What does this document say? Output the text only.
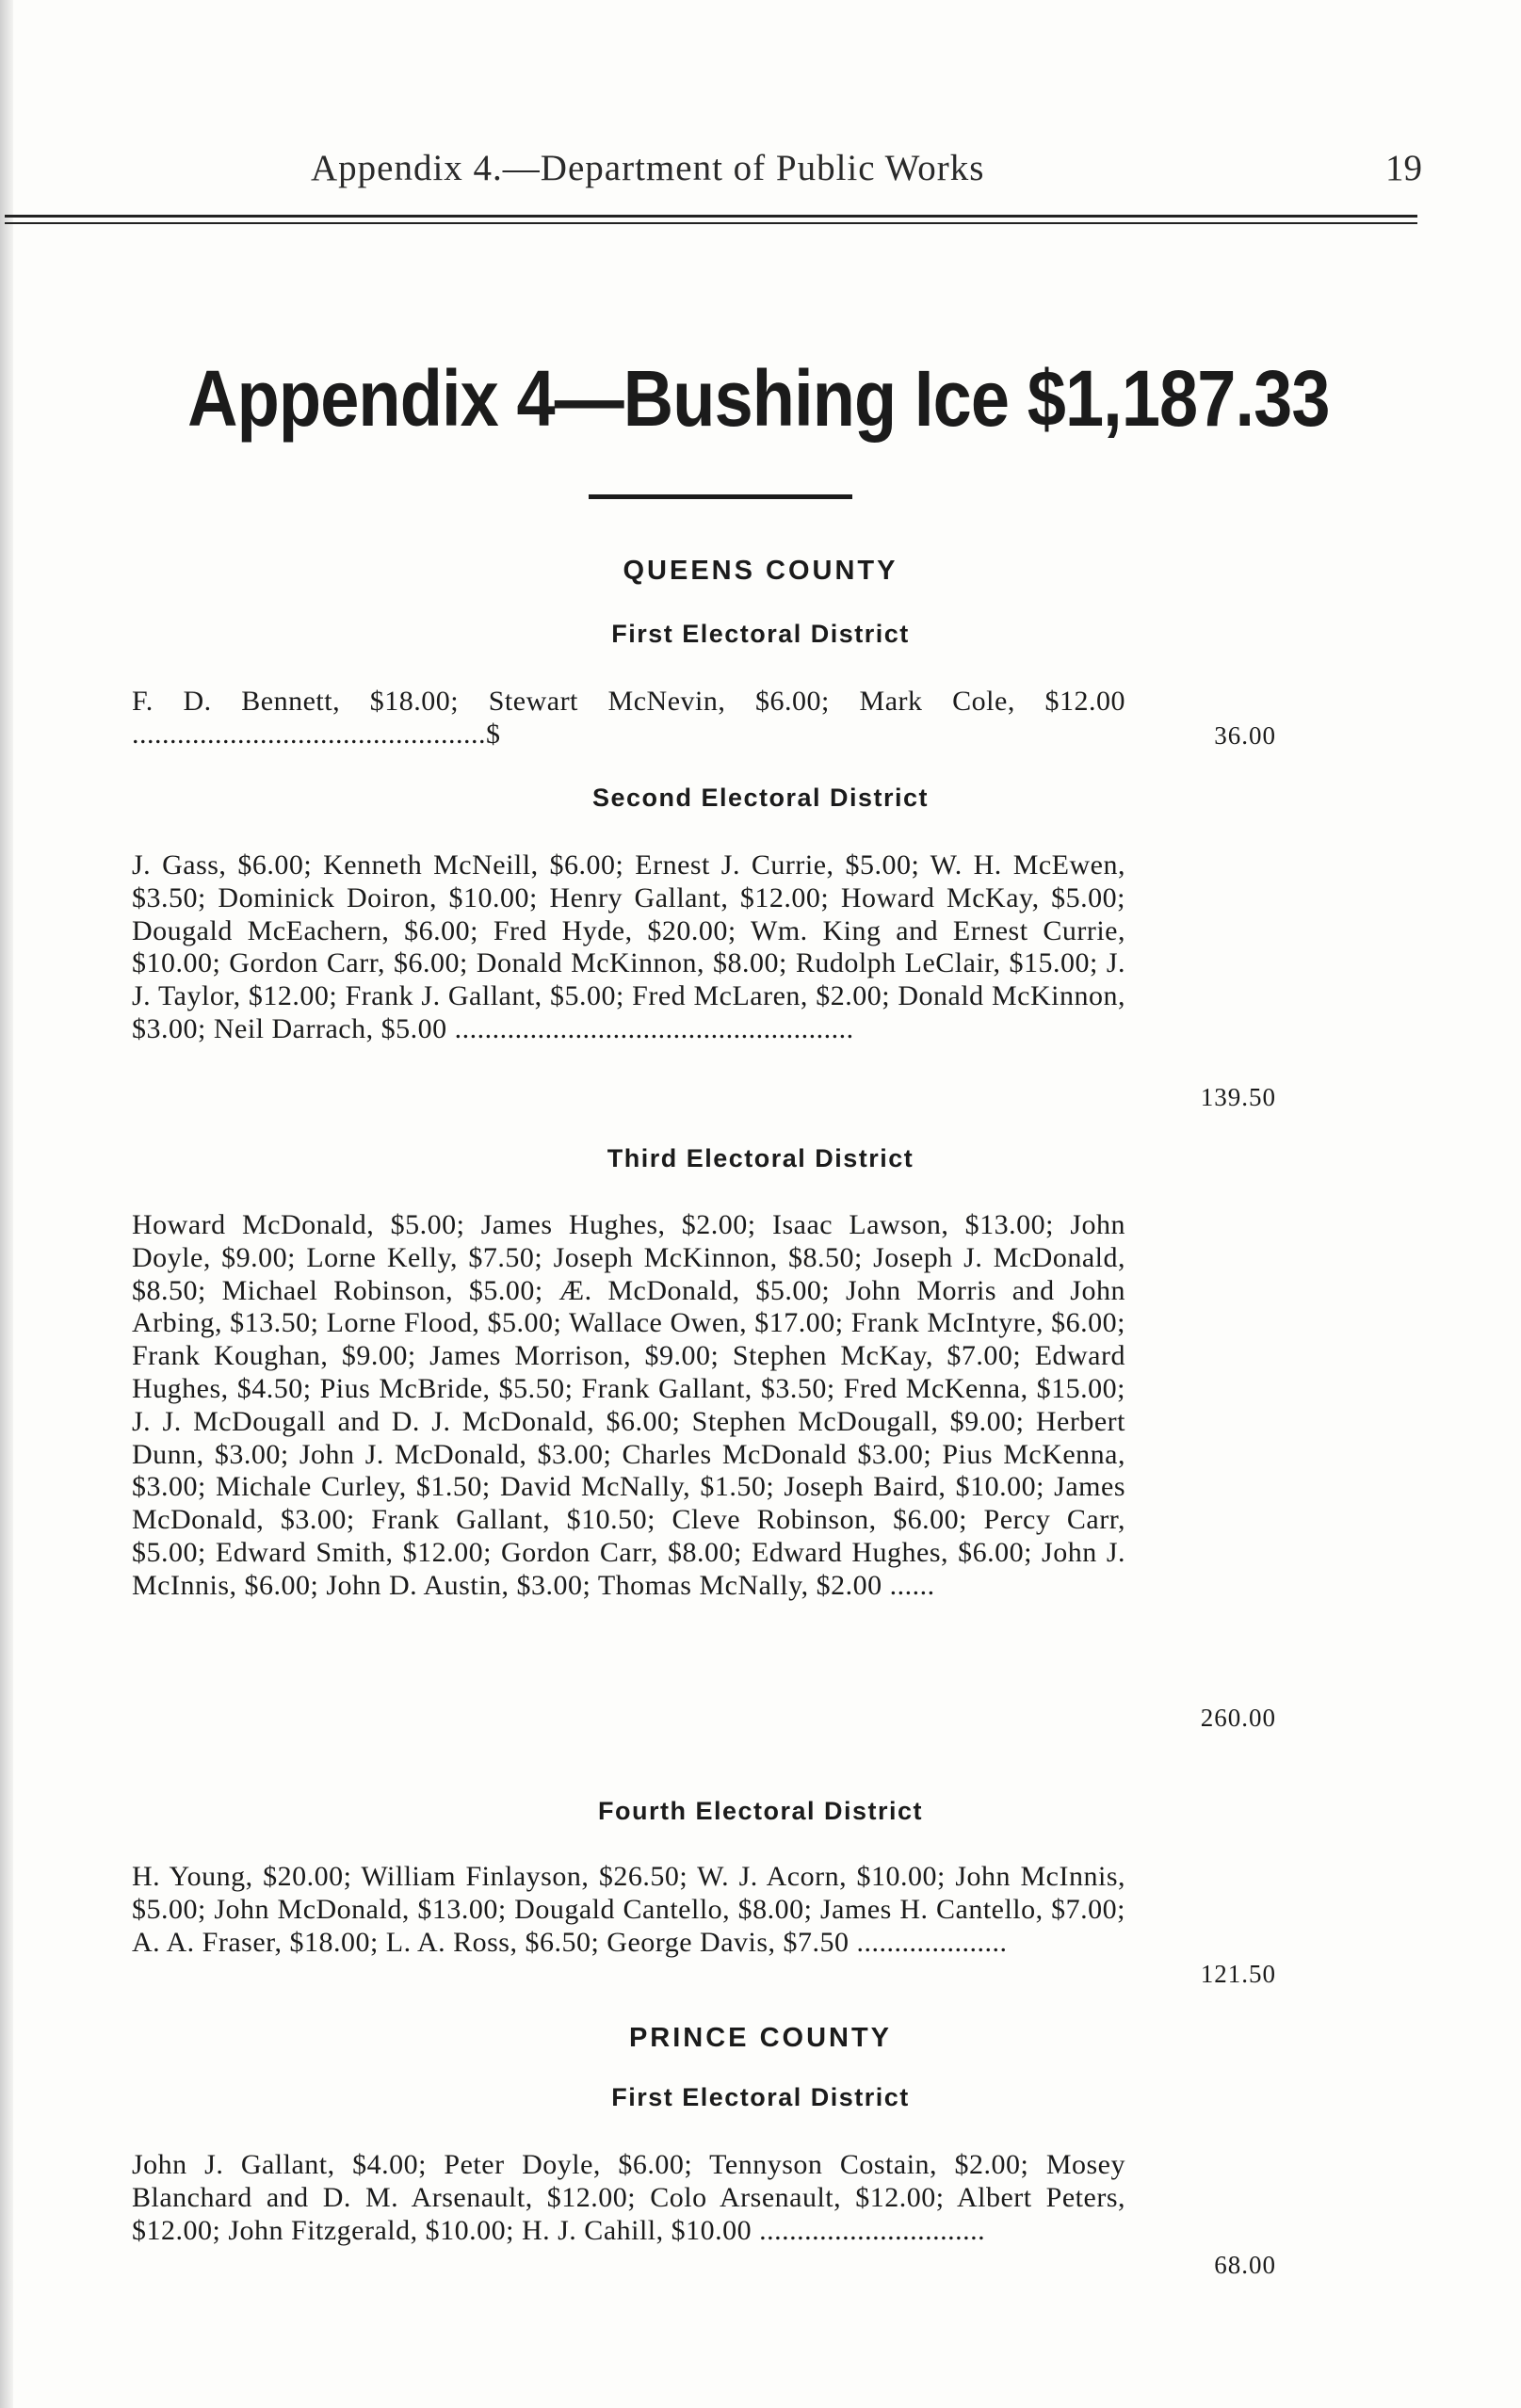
Appendix 4.—Department of Public Works	19
Appendix 4—Bushing Ice $1,187.33
QUEENS COUNTY
First Electoral District
F. D. Bennett, $18.00; Stewart McNevin, $6.00; Mark Cole, $12.00 ...............................................$	36.00
Second Electoral District
J. Gass, $6.00; Kenneth McNeill, $6.00; Ernest J. Currie, $5.00; W. H. McEwen, $3.50; Dominick Doiron, $10.00; Henry Gallant, $12.00; Howard McKay, $5.00; Dougald McEachern, $6.00; Fred Hyde, $20.00; Wm. King and Ernest Currie, $10.00; Gordon Carr, $6.00; Donald McKinnon, $8.00; Rudolph LeClair, $15.00; J. J. Taylor, $12.00; Frank J. Gallant, $5.00; Fred McLaren, $2.00; Donald McKinnon, $3.00; Neil Darrach, $5.00 .....................................................
139.50
Third Electoral District
Howard McDonald, $5.00; James Hughes, $2.00; Isaac Lawson, $13.00; John Doyle, $9.00; Lorne Kelly, $7.50; Joseph McKinnon, $8.50; Joseph J. McDonald, $8.50; Michael Robinson, $5.00; Æ. McDonald, $5.00; John Morris and John Arbing, $13.50; Lorne Flood, $5.00; Wallace Owen, $17.00; Frank McIntyre, $6.00; Frank Koughan, $9.00; James Morrison, $9.00; Stephen McKay, $7.00; Edward Hughes, $4.50; Pius McBride, $5.50; Frank Gallant, $3.50; Fred McKenna, $15.00; J. J. McDougall and D. J. McDonald, $6.00; Stephen McDougall, $9.00; Herbert Dunn, $3.00; John J. McDonald, $3.00; Charles McDonald $3.00; Pius McKenna, $3.00; Michale Curley, $1.50; David McNally, $1.50; Joseph Baird, $10.00; James McDonald, $3.00; Frank Gallant, $10.50; Cleve Robinson, $6.00; Percy Carr, $5.00; Edward Smith, $12.00; Gordon Carr, $8.00; Edward Hughes, $6.00; John J. McInnis, $6.00; John D. Austin, $3.00; Thomas McNally, $2.00 ......
260.00
Fourth Electoral District
H. Young, $20.00; William Finlayson, $26.50; W. J. Acorn, $10.00; John McInnis, $5.00; John McDonald, $13.00; Dougald Cantello, $8.00; James H. Cantello, $7.00; A. A. Fraser, $18.00; L. A. Ross, $6.50; George Davis, $7.50 ....................
121.50
PRINCE COUNTY
First Electoral District
John J. Gallant, $4.00; Peter Doyle, $6.00; Tennyson Costain, $2.00; Mosey Blanchard and D. M. Arsenault, $12.00; Colo Arsenault, $12.00; Albert Peters, $12.00; John Fitzgerald, $10.00; H. J. Cahill, $10.00 ..............................
68.00
